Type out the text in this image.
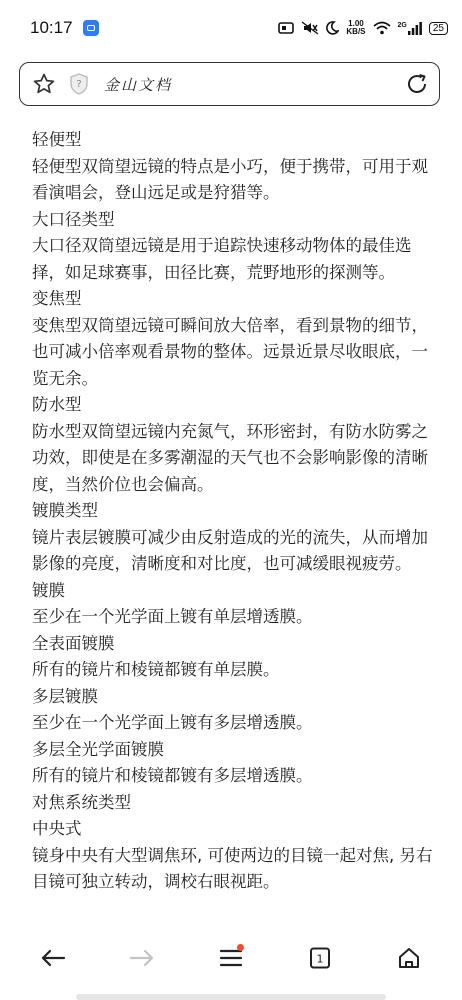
10:17	1.00
KB/S
2G	25
? 金山文档

轻便型

轻便型双筒望远镜的特点是小巧，便于携带，可用于观看演唱会，登山远足或是狩猎等。

大口径类型

大口径双筒望远镜是用于追踪快速移动物体的最佳选择，如足球赛事，田径比赛，荒野地形的探测等。

变焦型

变焦型双筒望远镜可瞬间放大倍率，看到景物的细节，也可减小倍率观看景物的整体。远景近景尽收眼底，一览无余。

防水型

防水型双筒望远镜内充氮气，环形密封，有防水防雾之功效，即使是在多雾潮湿的天气也不会影响影像的清晰度，当然价位也会偏高。

镀膜类型

镜片表层镀膜可减少由反射造成的光的流失，从而增加影像的亮度，清晰度和对比度，也可减缓眼视疲劳。

镀膜

至少在一个光学面上镀有单层增透膜。

全表面镀膜

所有的镜片和棱镜都镀有单层膜。

多层镀膜

至少在一个光学面上镀有多层增透膜。

多层全光学面镀膜

所有的镜片和棱镜都镀有多层增透膜。

对焦系统类型

中央式

镜身中央有大型调焦环, 可使两边的目镜一起对焦, 另右目镜可独立转动，调校右眼视距。

1
